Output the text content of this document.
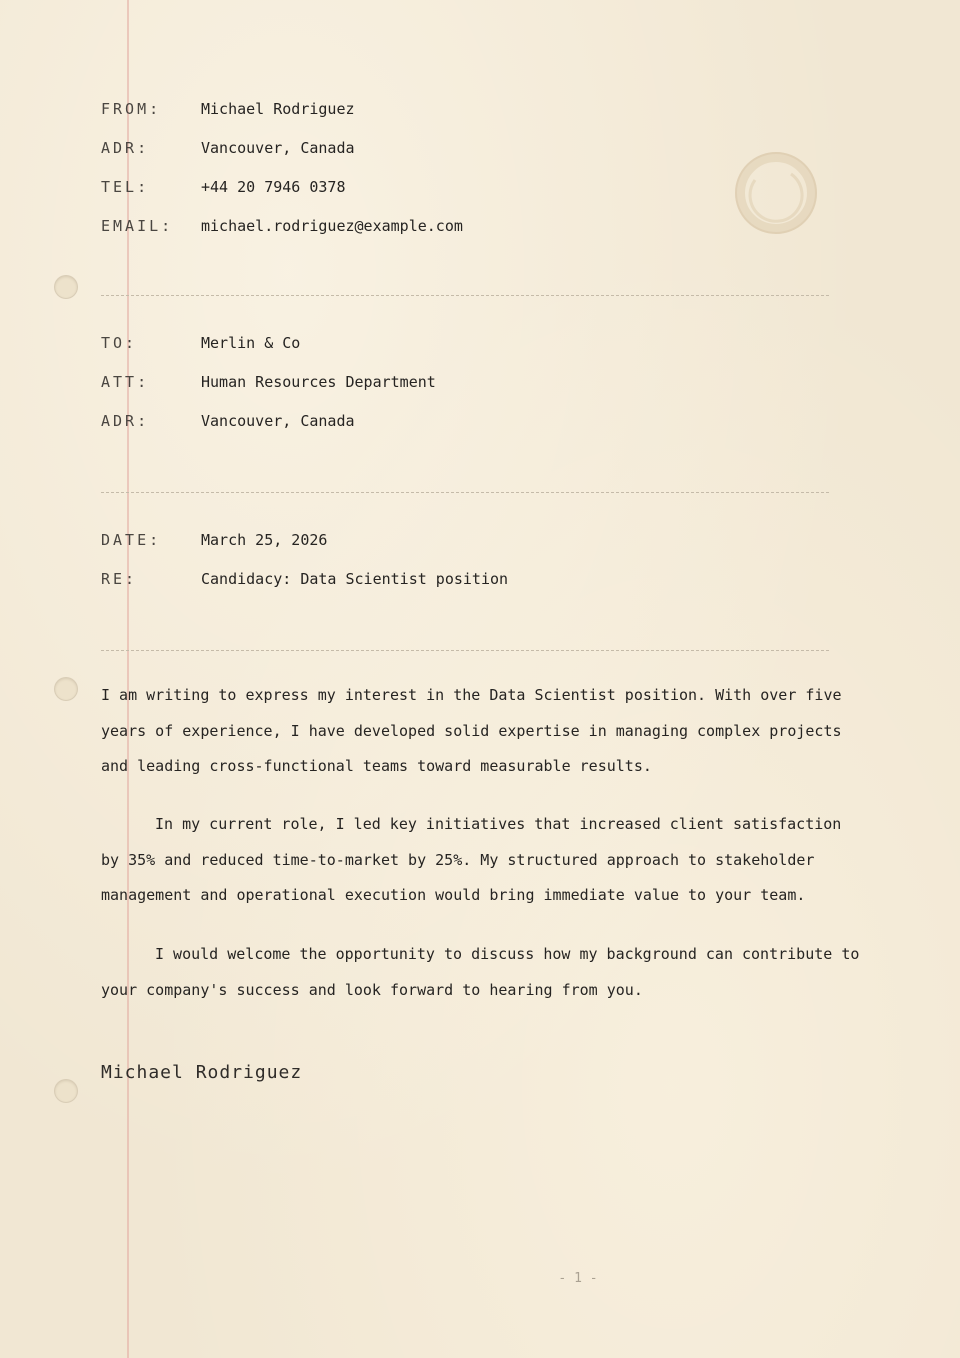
FROM:	Michael Rodriguez
ADR:	Vancouver, Canada
TEL:	+44 20 7946 0378
EMAIL:	michael.rodriguez@example.com
TO:	Merlin & Co
ATT:	Human Resources Department
ADR:	Vancouver, Canada
DATE:	March 25, 2026
RE:	Candidacy: Data Scientist position

I am writing to express my interest in the Data Scientist position. With over five years of experience, I have developed solid expertise in managing complex projects and leading cross-functional teams toward measurable results.

In my current role, I led key initiatives that increased client satisfaction by 35% and reduced time-to-market by 25%. My structured approach to stakeholder management and operational execution would bring immediate value to your team.

I would welcome the opportunity to discuss how my background can contribute to your company's success and look forward to hearing from you.

Michael Rodriguez
- 1 -
